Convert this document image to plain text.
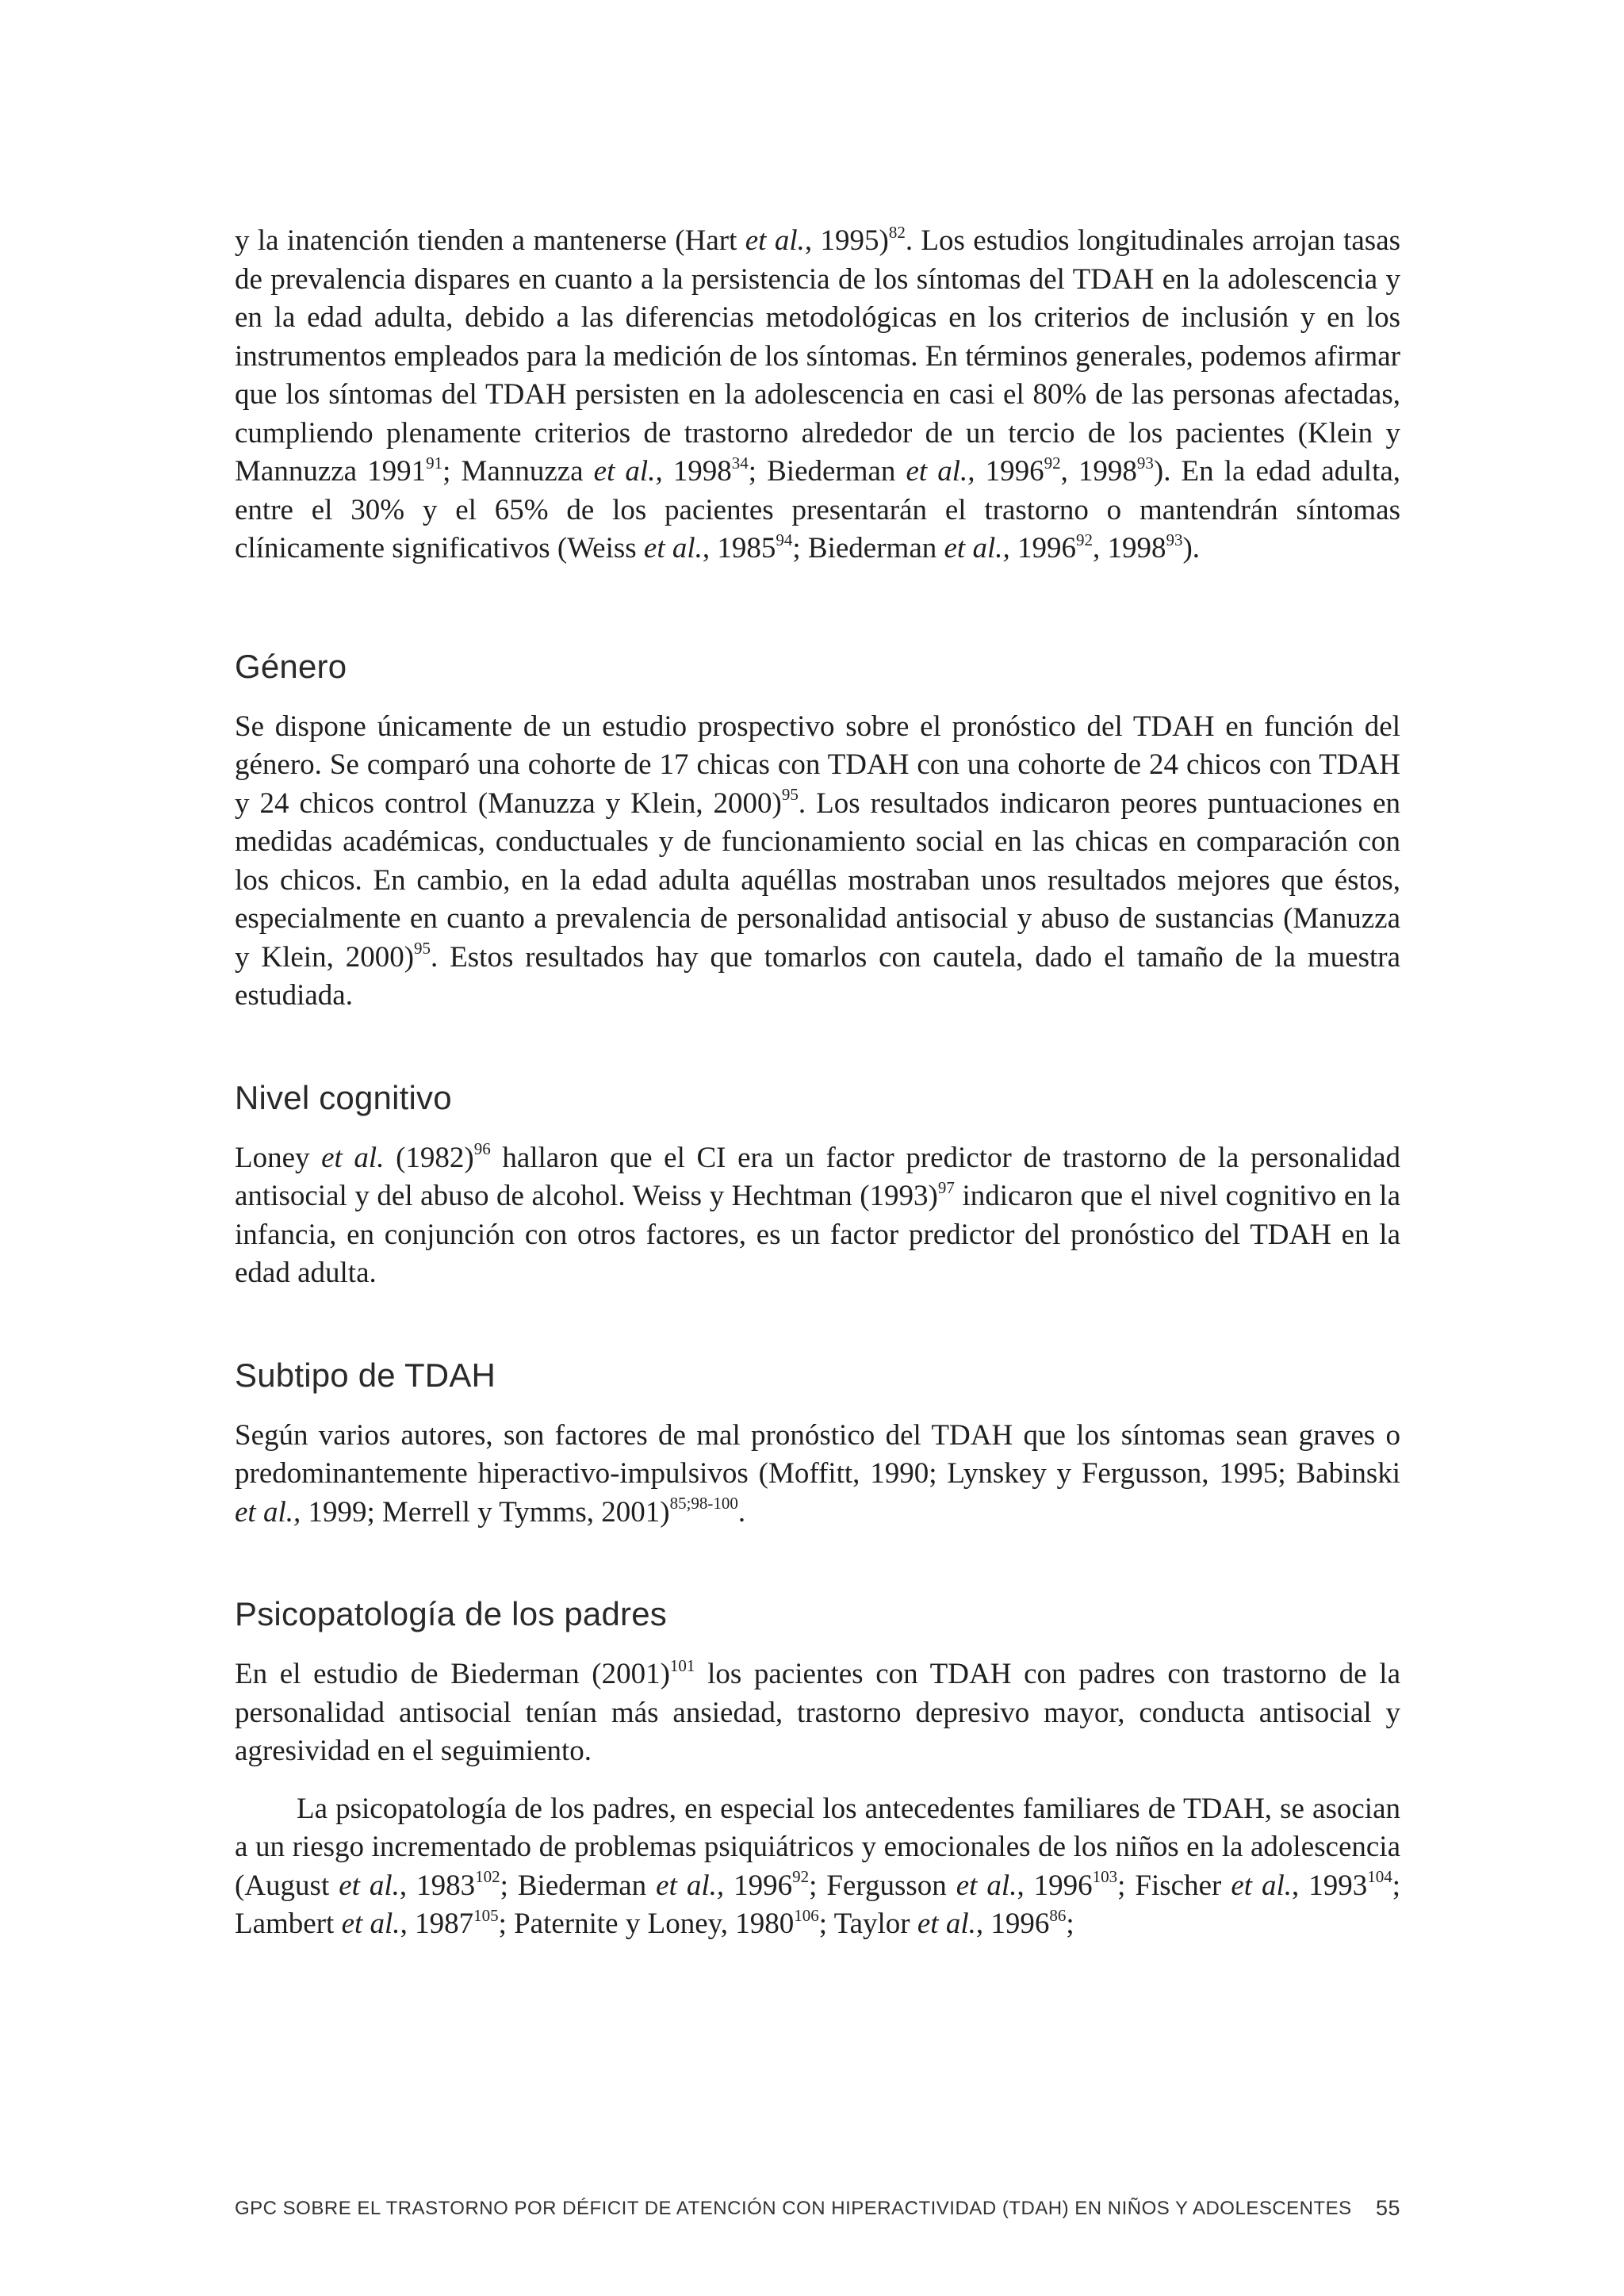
y la inatención tienden a mantenerse (Hart et al., 1995)$^{82}$. Los estudios longitudinales arrojan tasas de prevalencia dispares en cuanto a la persistencia de los síntomas del TDAH en la adolescencia y en la edad adulta, debido a las diferencias metodológicas en los criterios de inclusión y en los instrumentos empleados para la medición de los síntomas. En términos generales, podemos afirmar que los síntomas del TDAH persisten en la adolescencia en casi el 80% de las personas afectadas, cumpliendo plenamente criterios de trastorno alrededor de un tercio de los pacientes (Klein y Mannuzza 1991$^{91}$; Mannuzza et al., 1998$^{34}$; Biederman et al., 1996$^{92}$, 1998$^{93}$). En la edad adulta, entre el 30% y el 65% de los pacientes presentarán el trastorno o mantendrán síntomas clínicamente significativos (Weiss et al., 1985$^{94}$; Biederman et al., 1996$^{92}$, 1998$^{93}$).

Género

Se dispone únicamente de un estudio prospectivo sobre el pronóstico del TDAH en función del género. Se comparó una cohorte de 17 chicas con TDAH con una cohorte de 24 chicos con TDAH y 24 chicos control (Manuzza y Klein, 2000)$^{95}$. Los resultados indicaron peores puntuaciones en medidas académicas, conductuales y de funcionamiento social en las chicas en comparación con los chicos. En cambio, en la edad adulta aquéllas mostraban unos resultados mejores que éstos, especialmente en cuanto a prevalencia de personalidad antisocial y abuso de sustancias (Manuzza y Klein, 2000)$^{95}$. Estos resultados hay que tomarlos con cautela, dado el tamaño de la muestra estudiada.

Nivel cognitivo

Loney et al. $(1982)^{96}$ hallaron que el CI era un factor predictor de trastorno de la personalidad antisocial y del abuso de alcohol. Weiss y Hechtman $(1993)^{97}$ indicaron que el nivel cognitivo en la infancia, en conjunción con otros factores, es un factor predictor del pronóstico del TDAH en la edad adulta.

Subtipo de TDAH

Según varios autores, son factores de mal pronóstico del TDAH que los síntomas sean graves o predominantemente hiperactivo-impulsivos (Moffitt, 1990; Lynskey y Fergusson, 1995; Babinski et al., 1999; Merrell y Tymms, 2001)$^{85;98-100}$.

Psicopatología de los padres

En el estudio de Biederman $(2001)^{101}$ los pacientes con TDAH con padres con trastorno de la personalidad antisocial tenían más ansiedad, trastorno depresivo mayor, conducta antisocial y agresividad en el seguimiento.

La psicopatología de los padres, en especial los antecedentes familiares de TDAH, se asocian a un riesgo incrementado de problemas psiquiátricos y emocionales de los niños en la adolescencia (August et al., 1983$^{102}$; Biederman et al., 1996$^{92}$; Fergusson et al., 1996$^{103}$; Fischer et al., 1993$^{104}$; Lambert et al., 1987$^{105}$; Paternite y Loney, 1980$^{106}$; Taylor et al., 1996$^{86}$;

GPC SOBRE EL TRASTORNO POR DÉFICIT DE ATENCIÓN CON HIPERACTIVIDAD (TDAH) EN NIÑOS Y ADOLESCENTES 55
